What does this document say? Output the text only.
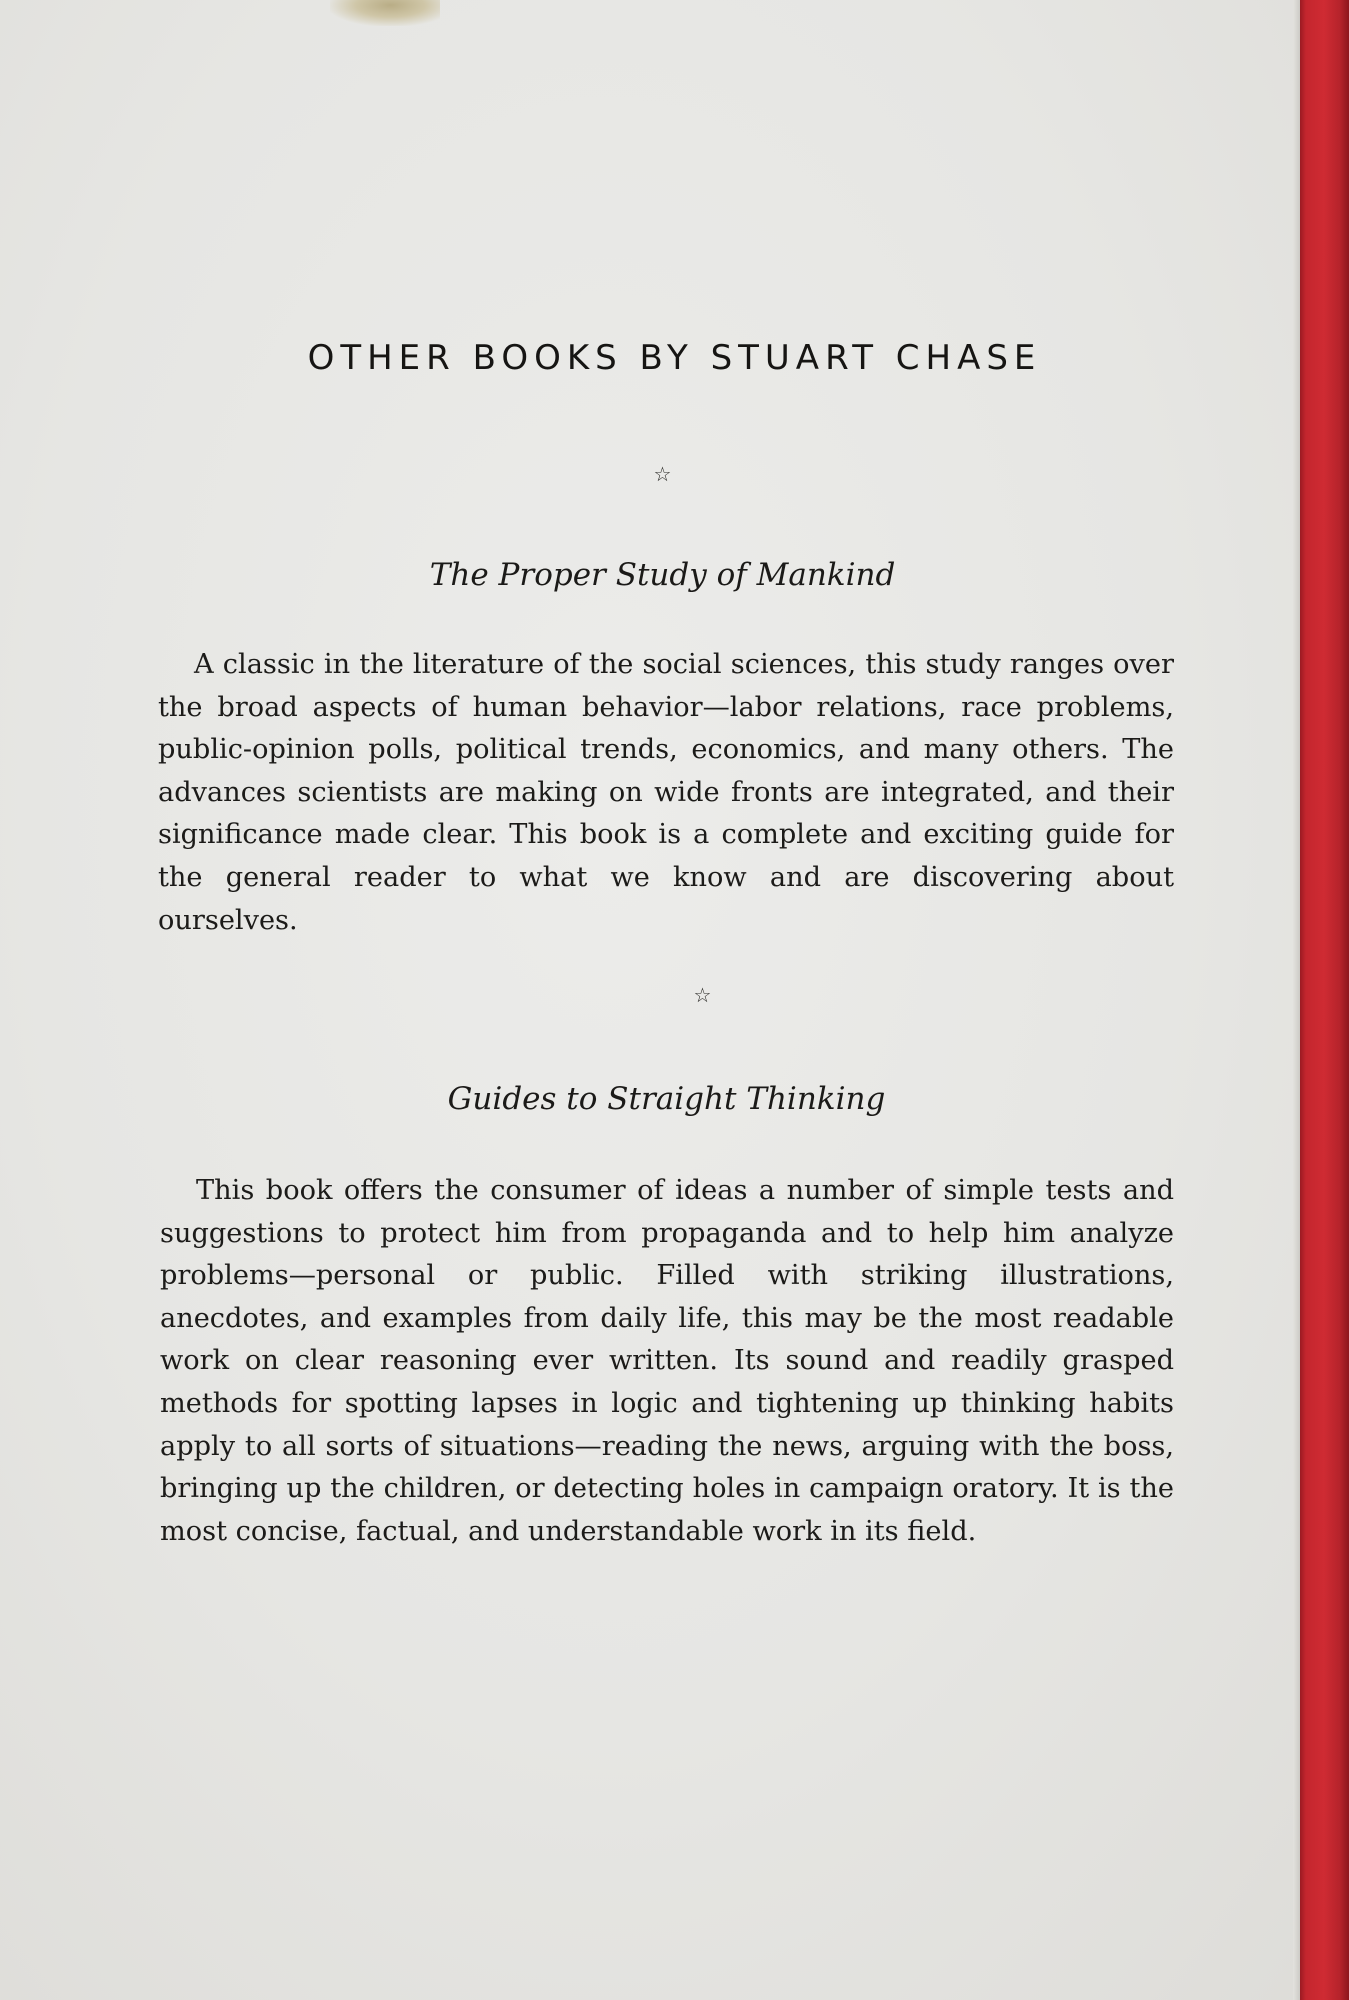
OTHER BOOKS BY STUART CHASE
☆
The Proper Study of Mankind

A classic in the literature of the social sciences, this study ranges over the broad aspects of human behavior—labor relations, race problems, public-opinion polls, political trends, economics, and many others. The advances scientists are making on wide fronts are integrated, and their significance made clear. This book is a complete and exciting guide for the general reader to what we know and are discovering about ourselves.

☆
Guides to Straight Thinking

This book offers the consumer of ideas a number of simple tests and suggestions to protect him from propaganda and to help him analyze problems—personal or public. Filled with striking illustrations, anecdotes, and examples from daily life, this may be the most readable work on clear reasoning ever written. Its sound and readily grasped methods for spotting lapses in logic and tightening up thinking habits apply to all sorts of situations—reading the news, arguing with the boss, bringing up the children, or detecting holes in campaign oratory. It is the most concise, factual, and understandable work in its field.
